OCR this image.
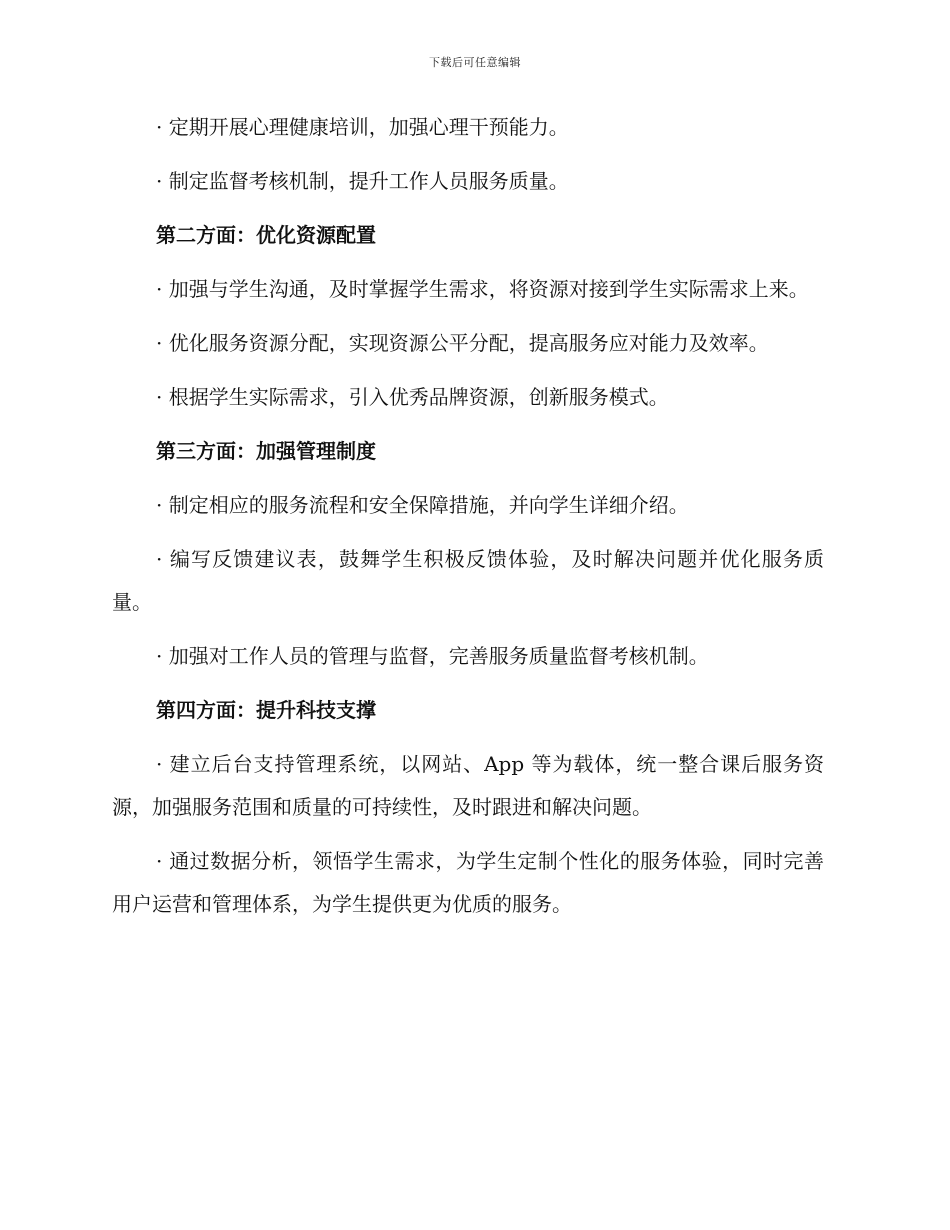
下载后可任意编辑

· 定期开展心理健康培训，加强心理干预能力。

· 制定监督考核机制，提升工作人员服务质量。

第二方面：优化资源配置

· 加强与学生沟通，及时掌握学生需求，将资源对接到学生实际需求上来。

· 优化服务资源分配，实现资源公平分配，提高服务应对能力及效率。

· 根据学生实际需求，引入优秀品牌资源，创新服务模式。

第三方面：加强管理制度

· 制定相应的服务流程和安全保障措施，并向学生详细介绍。

· 编写反馈建议表，鼓舞学生积极反馈体验，及时解决问题并优化服务质量。

· 加强对工作人员的管理与监督，完善服务质量监督考核机制。

第四方面：提升科技支撑

· 建立后台支持管理系统，以网站、App 等为载体，统一整合课后服务资源，加强服务范围和质量的可持续性，及时跟进和解决问题。

· 通过数据分析，领悟学生需求，为学生定制个性化的服务体验，同时完善用户运营和管理体系，为学生提供更为优质的服务。
